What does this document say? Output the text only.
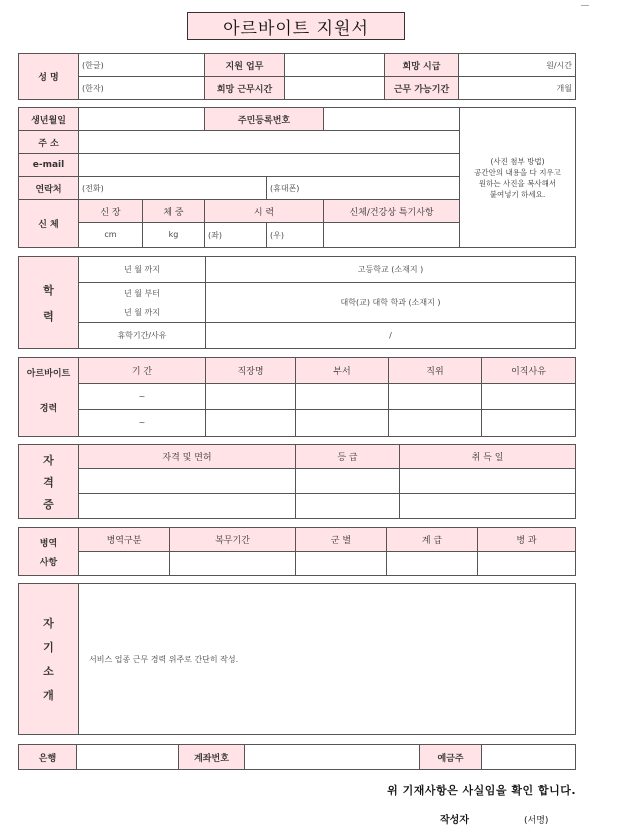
아르바이트 지원서
성 명	(한글)	지원 업무		희망 시급	원/시간
	(한자)	희망 근무시간		근무 가능기간	개월
생년월일			주민등록번호			(사진 첨부 방법)
공간안의 내용을 다 지우고
원하는 사진을 복사해서
붙여넣기 하세요.

주 소						
e-mail						
연락처	(전화)			(휴대폰)		
신 체	신 장	체 중	시 력		신체/건강상 특기사항	
	cm	kg	(좌)	(우)		
학
력	년 월 까지	고등학교 (소재지 )

	년 월 부터
년 월 까지	대학(교) 대학 학과 (소재지 )
	휴학기간/사유	/
아르바이트
경력	기 간	직장명	부서	직위	이직사유
	~				
	~				
자
격
증	자격 및 면허	등 급	취 득 일

병역
사항	병역구분	복무기간	군 별	계 급	병 과

자
기
소
개
	서비스 업종 근무 경력 위주로 간단히 작성.
은행		계좌번호		예금주	
위 기재사항은 사실임을 확인 합니다.
작성자	(서명)
